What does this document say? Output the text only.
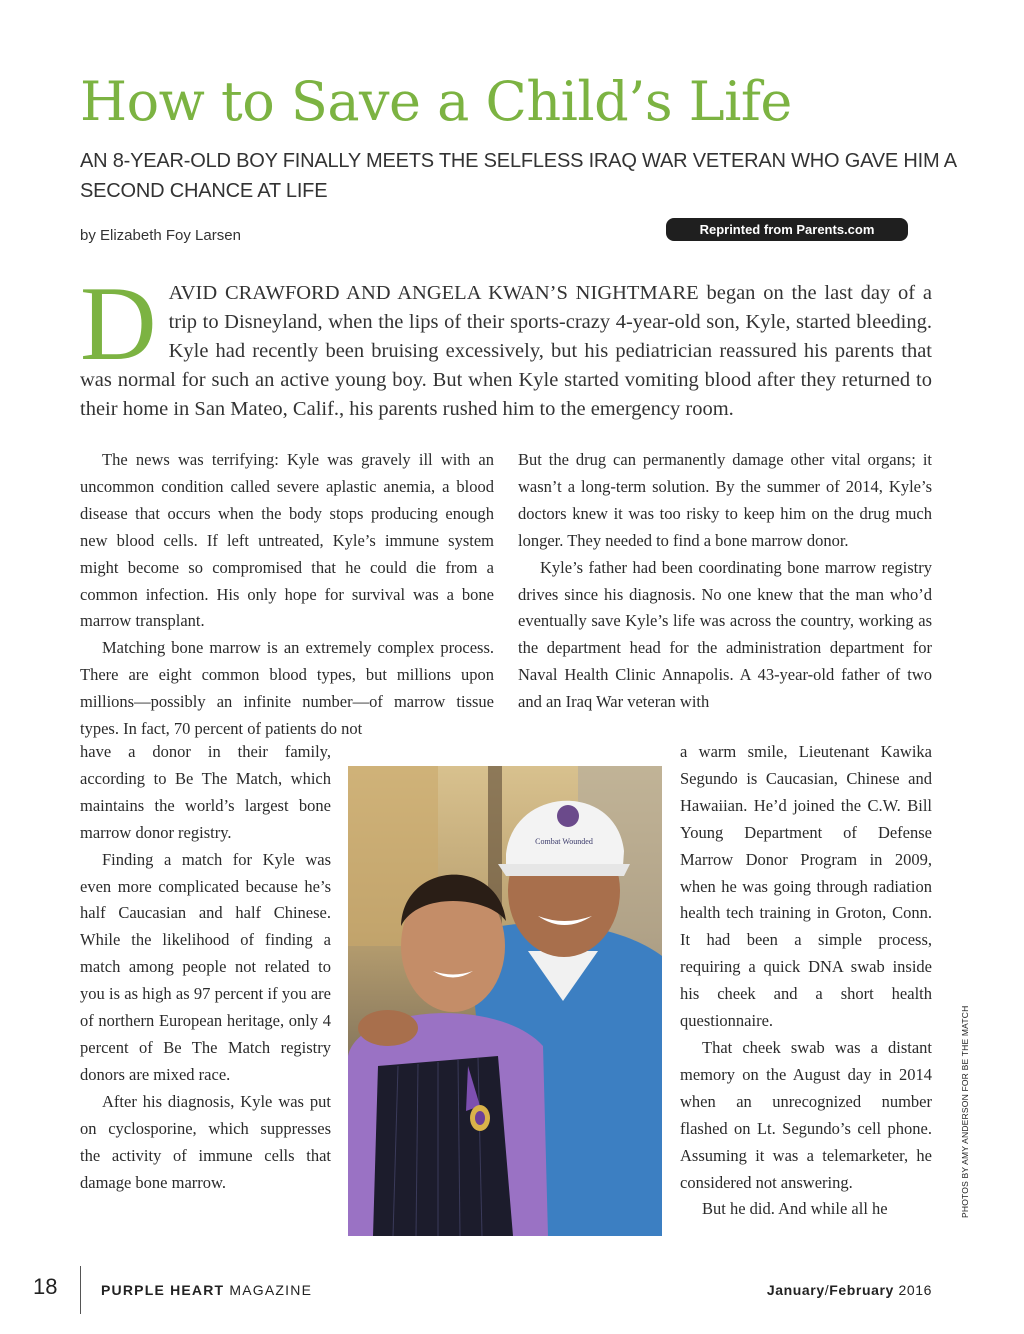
How to Save a Child’s Life
AN 8-YEAR-OLD BOY FINALLY MEETS THE SELFLESS IRAQ WAR VETERAN WHO GAVE HIM A SECOND CHANCE AT LIFE
by Elizabeth Foy Larsen	Reprinted from Parents.com
DAVID CRAWFORD AND ANGELA KWAN’S NIGHTMARE began on the last day of a trip to Disneyland, when the lips of their sports-crazy 4-year-old son, Kyle, started bleeding. Kyle had recently been bruising excessively, but his pediatrician reassured his parents that was normal for such an active young boy. But when Kyle started vomiting blood after they returned to their home in San Mateo, Calif., his parents rushed him to the emergency room.

The news was terrifying: Kyle was gravely ill with an uncommon condition called severe aplastic anemia, a blood disease that occurs when the body stops producing enough new blood cells. If left untreated, Kyle’s immune system might become so compromised that he could die from a common infection. His only hope for survival was a bone marrow transplant.

Matching bone marrow is an extremely complex process. There are eight common blood types, but millions upon millions—possibly an infinite number—of marrow tissue types. In fact, 70 percent of patients do not

have a donor in their family, according to Be The Match, which maintains the world’s largest bone marrow donor registry.

Finding a match for Kyle was even more complicated because he’s half Caucasian and half Chinese. While the likelihood of finding a match among people not related to you is as high as 97 percent if you are of northern European heritage, only 4 percent of Be The Match registry donors are mixed race.

After his diagnosis, Kyle was put on cyclosporine, which suppresses the activity of immune cells that damage bone marrow.

But the drug can permanently damage other vital organs; it wasn’t a long-term solution. By the summer of 2014, Kyle’s doctors knew it was too risky to keep him on the drug much longer. They needed to find a bone marrow donor.

Kyle’s father had been coordinating bone marrow registry drives since his diagnosis. No one knew that the man who’d eventually save Kyle’s life was across the country, working as the department head for the administration department for Naval Health Clinic Annapolis. A 43-year-old father of two and an Iraq War veteran with

a warm smile, Lieutenant Kawika Segundo is Caucasian, Chinese and Hawaiian. He’d joined the C.W. Bill Young Department of Defense Marrow Donor Program in 2009, when he was going through radiation health tech training in Groton, Conn. It had been a simple process, requiring a quick DNA swab inside his cheek and a short health questionnaire.

That cheek swab was a distant memory on the August day in 2014 when an unrecognized number flashed on Lt. Segundo’s cell phone. Assuming it was a telemarketer, he considered not answering.

But he did. And while all he

Combat Wounded
PHOTOS BY AMY ANDERSON FOR BE THE MATCH
18	PURPLE HEART MAGAZINE	January/February 2016
